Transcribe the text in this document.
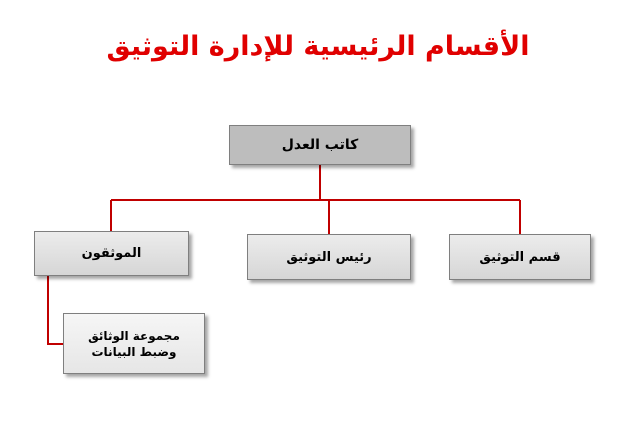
الأقسام الرئيسية للإدارة التوثيق
كاتب العدل
قسم التوثيق
رئيس التوثيق
الموثقون
مجموعة الوثائق وضبط البيانات
